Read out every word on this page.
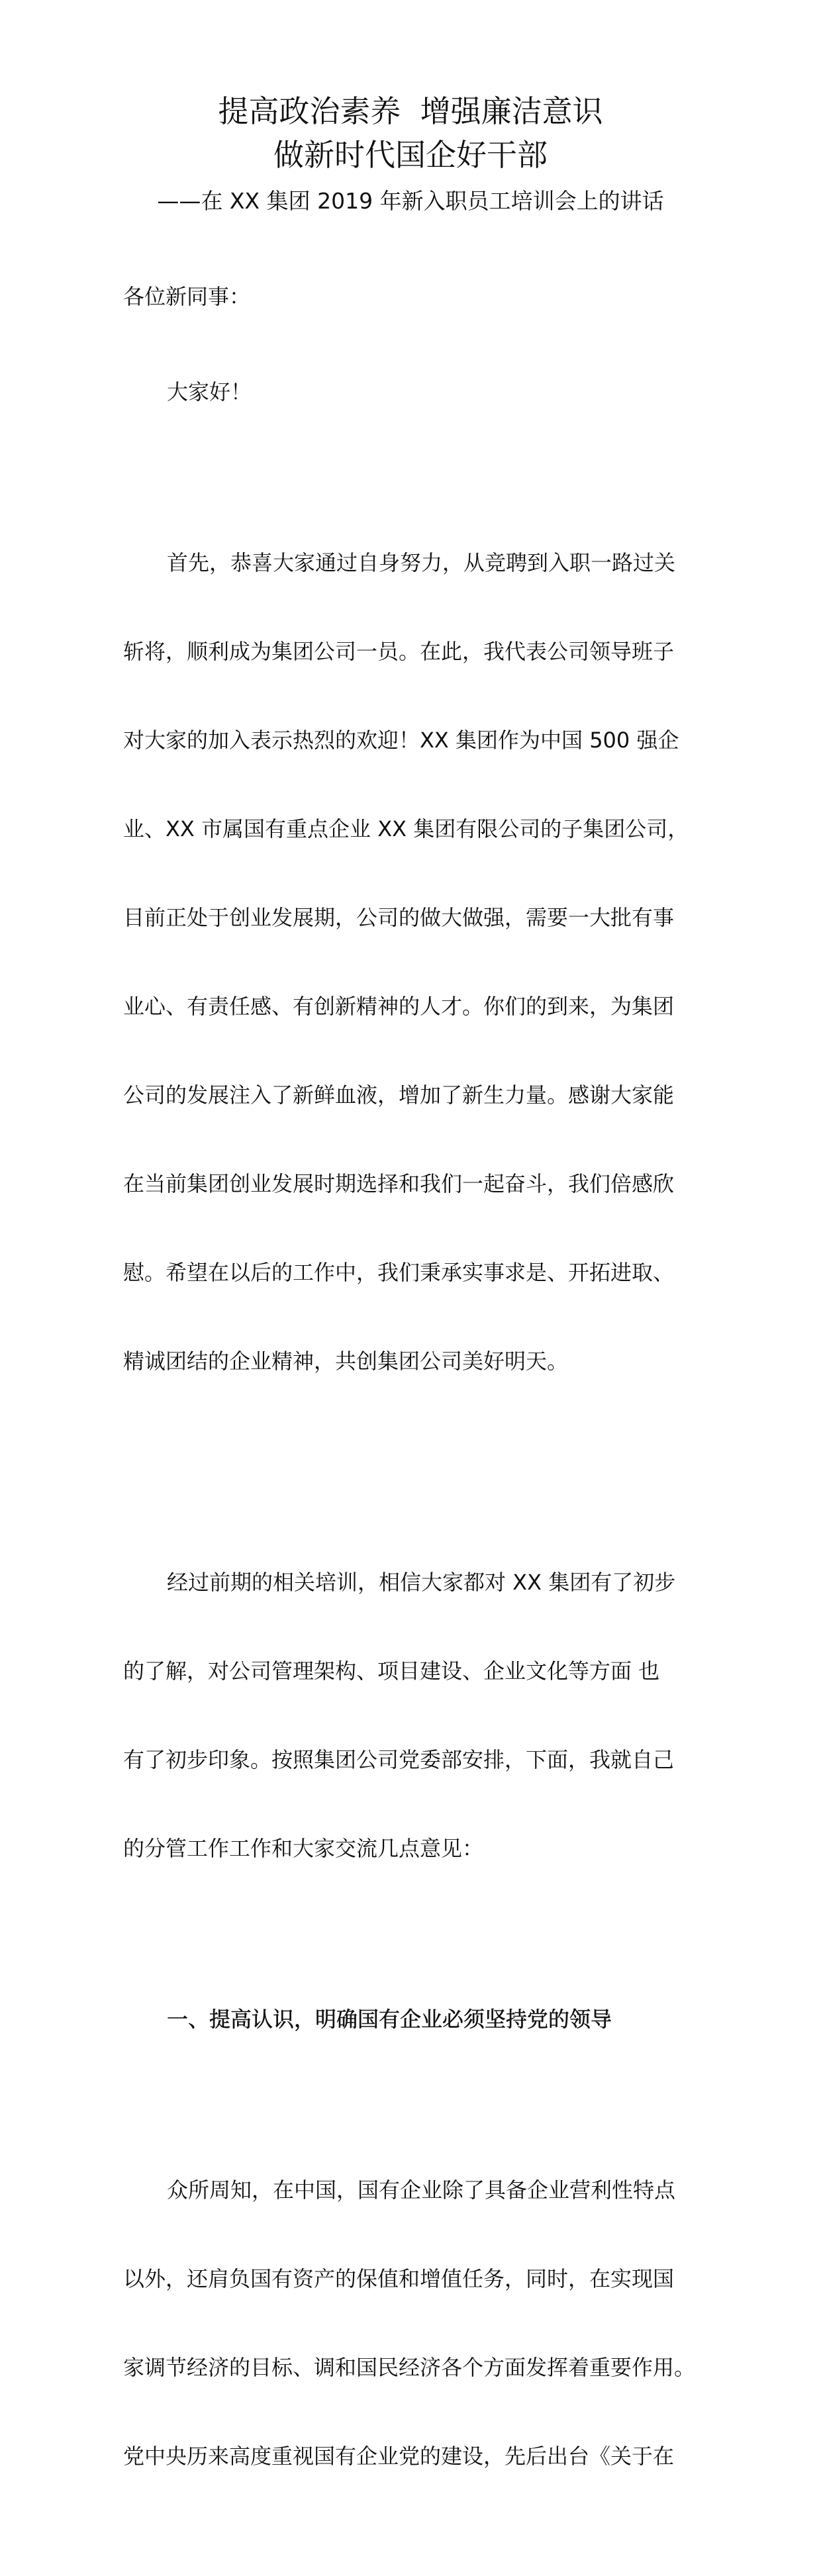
提高政治素养  增强廉洁意识
做新时代国企好干部
——在 XX 集团 2019 年新入职员工培训会上的讲话

各位新同事：

大家好！

首先，恭喜大家通过自身努力，从竞聘到入职一路过关

斩将，顺利成为集团公司一员。在此，我代表公司领导班子

对大家的加入表示热烈的欢迎！XX 集团作为中国 500 强企

业、XX 市属国有重点企业 XX 集团有限公司的子集团公司，

目前正处于创业发展期，公司的做大做强，需要一大批有事

业心、有责任感、有创新精神的人才。你们的到来，为集团

公司的发展注入了新鲜血液，增加了新生力量。感谢大家能

在当前集团创业发展时期选择和我们一起奋斗，我们倍感欣

慰。希望在以后的工作中，我们秉承实事求是、开拓进取、

精诚团结的企业精神，共创集团公司美好明天。

经过前期的相关培训，相信大家都对 XX 集团有了初步

的了解，对公司管理架构、项目建设、企业文化等方面 也

有了初步印象。按照集团公司党委部安排，下面，我就自己

的分管工作工作和大家交流几点意见：

一、提高认识，明确国有企业必须坚持党的领导

众所周知，在中国，国有企业除了具备企业营利性特点

以外，还肩负国有资产的保值和增值任务，同时，在实现国

家调节经济的目标、调和国民经济各个方面发挥着重要作用。

党中央历来高度重视国有企业党的建设，先后出台《关于在
